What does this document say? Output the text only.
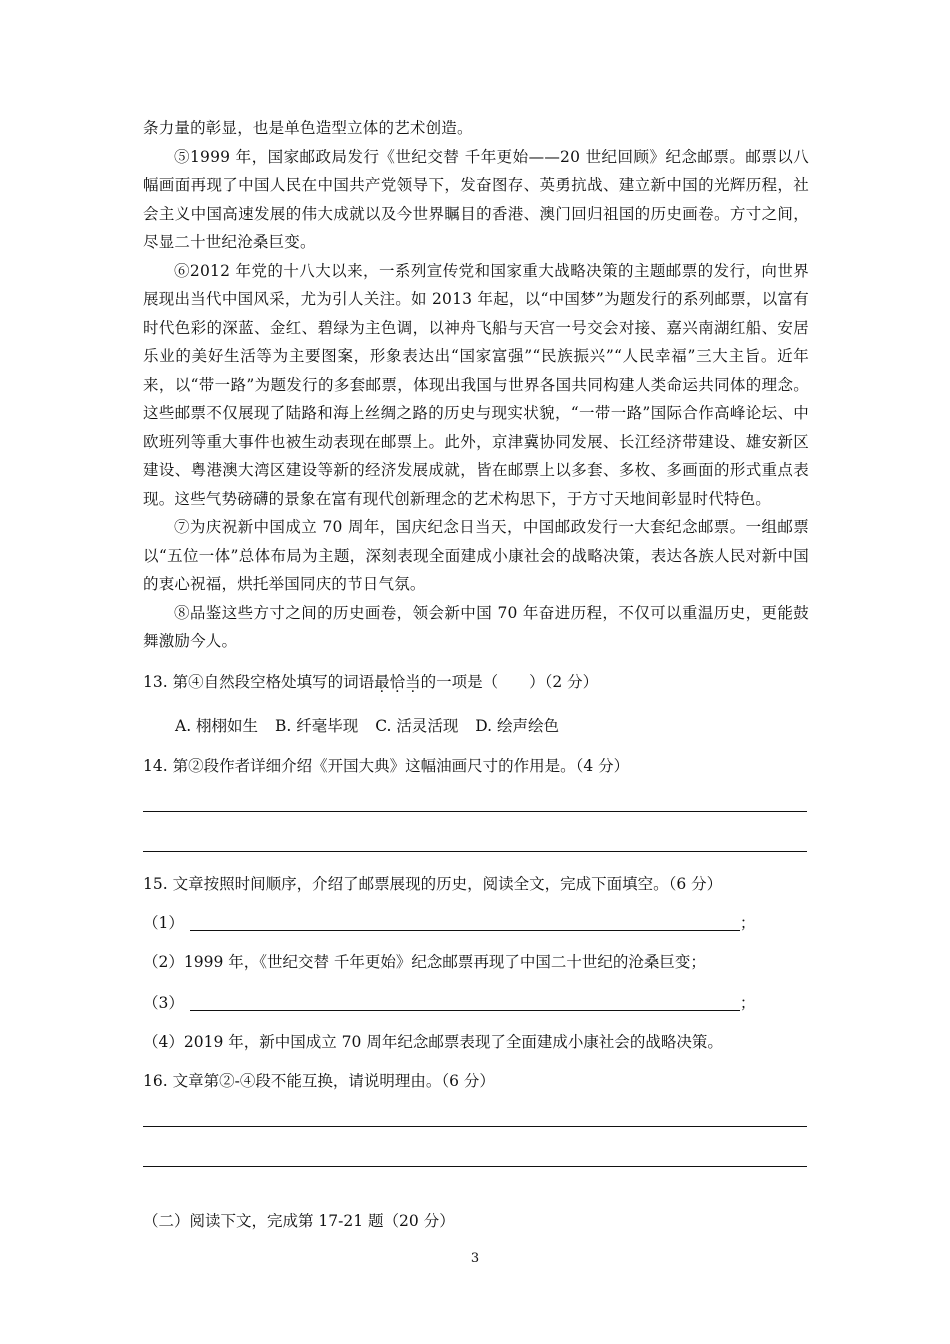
条力量的彰显，也是单色造型立体的艺术创造。

⑤1999 年，国家邮政局发行《世纪交替 千年更始——20 世纪回顾》纪念邮票。邮票以八幅画面再现了中国人民在中国共产党领导下，发奋图存、英勇抗战、建立新中国的光辉历程，社会主义中国高速发展的伟大成就以及今世界瞩目的香港、澳门回归祖国的历史画卷。方寸之间，尽显二十世纪沧桑巨变。

⑥2012 年党的十八大以来，一系列宣传党和国家重大战略决策的主题邮票的发行，向世界展现出当代中国风采，尤为引人关注。如 2013 年起，以“中国梦”为题发行的系列邮票，以富有时代色彩的深蓝、金红、碧绿为主色调，以神舟飞船与天宫一号交会对接、嘉兴南湖红船、安居乐业的美好生活等为主要图案，形象表达出“国家富强”“民族振兴”“人民幸福”三大主旨。近年来，以“带一路”为题发行的多套邮票，体现出我国与世界各国共同构建人类命运共同体的理念。这些邮票不仅展现了陆路和海上丝绸之路的历史与现实状貌，“一带一路”国际合作高峰论坛、中欧班列等重大事件也被生动表现在邮票上。此外，京津冀协同发展、长江经济带建设、雄安新区建设、粤港澳大湾区建设等新的经济发展成就，皆在邮票上以多套、多枚、多画面的形式重点表现。这些气势磅礴的景象在富有现代创新理念的艺术构思下，于方寸天地间彰显时代特色。

⑦为庆祝新中国成立 70 周年，国庆纪念日当天，中国邮政发行一大套纪念邮票。一组邮票以“五位一体”总体布局为主题，深刻表现全面建成小康社会的战略决策，表达各族人民对新中国的衷心祝福，烘托举国同庆的节日气氛。

⑧品鉴这些方寸之间的历史画卷，领会新中国 70 年奋进历程，不仅可以重温历史，更能鼓舞激励今人。

13. 第④自然段空格处填写的词语最恰当的一项是（　　）（2 分）
A. 栩栩如生 B. 纤毫毕现 C. 活灵活现 D. 绘声绘色
14. 第②段作者详细介绍《开国大典》这幅油画尺寸的作用是。（4 分）
15. 文章按照时间顺序，介绍了邮票展现的历史，阅读全文，完成下面填空。（6 分）
（1）	；
（2）1999 年，《世纪交替 千年更始》纪念邮票再现了中国二十世纪的沧桑巨变；
（3）	；
（4）2019 年，新中国成立 70 周年纪念邮票表现了全面建成小康社会的战略决策。
16. 文章第②-④段不能互换，请说明理由。（6 分）
（二）阅读下文，完成第 17-21 题（20 分）
3
